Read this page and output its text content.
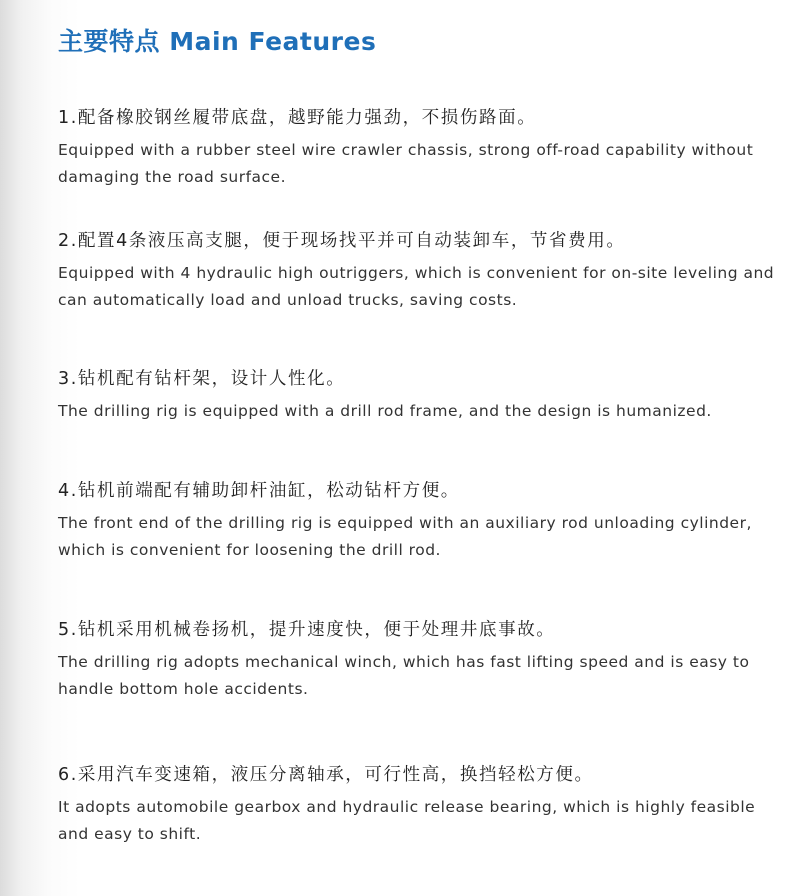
主要特点 Main Features
1.配备橡胶钢丝履带底盘，越野能力强劲，不损伤路面。
Equipped with a rubber steel wire crawler chassis, strong off-road capability without damaging the road surface.
2.配置4条液压高支腿，便于现场找平并可自动装卸车，节省费用。
Equipped with 4 hydraulic high outriggers, which is convenient for on-site leveling and can automatically load and unload trucks, saving costs.
3.钻机配有钻杆架，设计人性化。
The drilling rig is equipped with a drill rod frame, and the design is humanized.
4.钻机前端配有辅助卸杆油缸，松动钻杆方便。
The front end of the drilling rig is equipped with an auxiliary rod unloading cylinder, which is convenient for loosening the drill rod.
5.钻机采用机械卷扬机，提升速度快，便于处理井底事故。
The drilling rig adopts mechanical winch, which has fast lifting speed and is easy to handle bottom hole accidents.
6.采用汽车变速箱，液压分离轴承，可行性高，换挡轻松方便。
It adopts automobile gearbox and hydraulic release bearing, which is highly feasible and easy to shift.
